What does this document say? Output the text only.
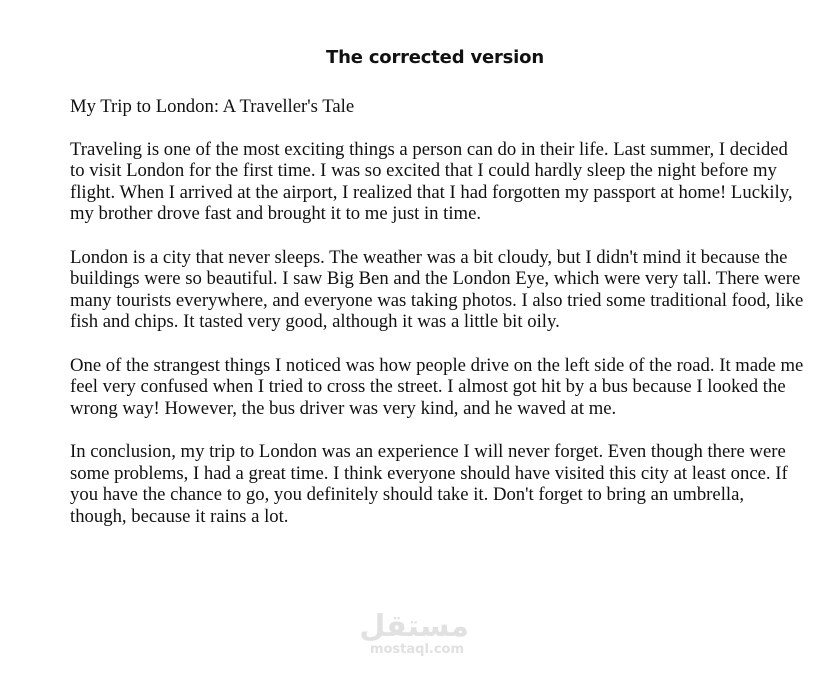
The corrected version

My Trip to London: A Traveller's Tale

Traveling is one of the most exciting things a person can do in their life. Last summer, I decided to visit London for the first time. I was so excited that I could hardly sleep the night before my flight. When I arrived at the airport, I realized that I had forgotten my passport at home! Luckily, my brother drove fast and brought it to me just in time.

London is a city that never sleeps. The weather was a bit cloudy, but I didn't mind it because the buildings were so beautiful. I saw Big Ben and the London Eye, which were very tall. There were many tourists everywhere, and everyone was taking photos. I also tried some traditional food, like fish and chips. It tasted very good, although it was a little bit oily.

One of the strangest things I noticed was how people drive on the left side of the road. It made me feel very confused when I tried to cross the street. I almost got hit by a bus because I looked the wrong way! However, the bus driver was very kind, and he waved at me.

In conclusion, my trip to London was an experience I will never forget. Even though there were some problems, I had a great time. I think everyone should have visited this city at least once. If you have the chance to go, you definitely should take it. Don't forget to bring an umbrella, though, because it rains a lot.

مستقل
mostaql.com
